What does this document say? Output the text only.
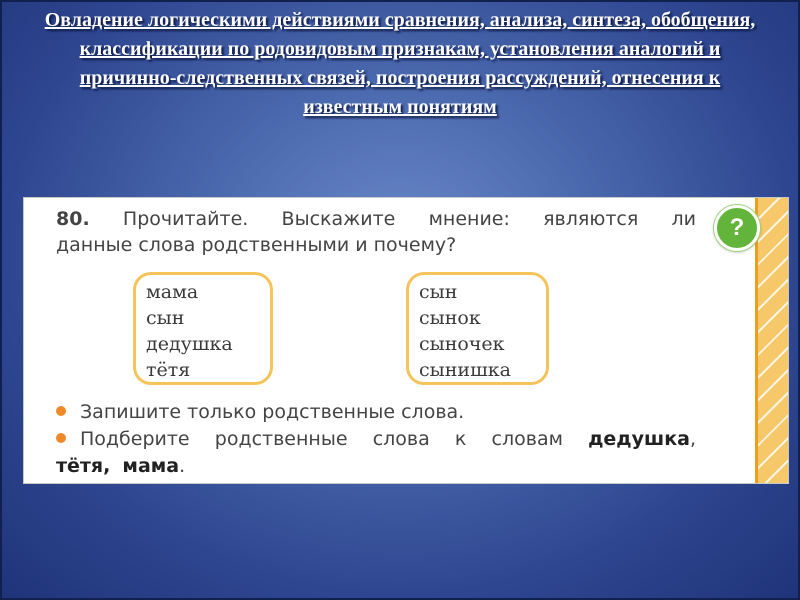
Овладение логическими действиями сравнения, анализа, синтеза, обобщения, классификации по родовидовым признакам, установления аналогий и причинно-следственных связей, построения рассуждений, отнесения к известным понятиям
?
80. Прочитайте. Выскажите мнение: являются ли
данные слова родственными и почему?
мама
сын
дедушка
тётя
сын
сынок
сыночек
сынишка
Запишите только родственные слова.
Подберите родственные слова к словам дедушка,
тётя, мама.
